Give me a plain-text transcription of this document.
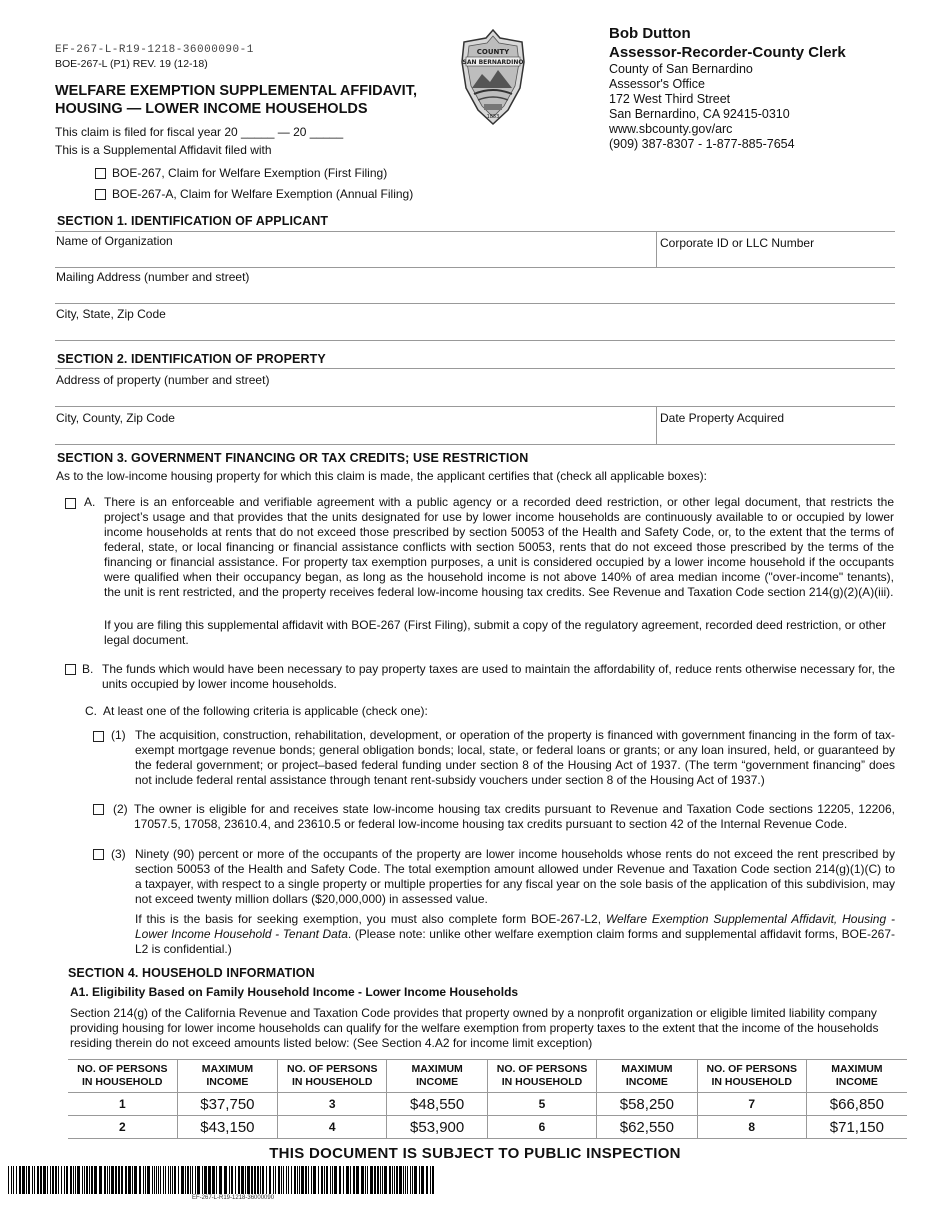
EF-267-L-R19-1218-36000090-1
BOE-267-L (P1) REV. 19 (12-18)
WELFARE EXEMPTION SUPPLEMENTAL AFFIDAVIT,
HOUSING — LOWER INCOME HOUSEHOLDS
This claim is filed for fiscal year 20 _____ — 20 _____
This is a Supplemental Affidavit filed with
BOE-267, Claim for Welfare Exemption (First Filing)
BOE-267-A, Claim for Welfare Exemption (Annual Filing)
COUNTY
SAN BERNARDINO
1853
Bob Dutton
Assessor-Recorder-County Clerk
County of San Bernardino
Assessor's Office
172 West Third Street
San Bernardino, CA 92415-0310
www.sbcounty.gov/arc
(909) 387-8307 - 1-877-885-7654
SECTION 1. IDENTIFICATION OF APPLICANT
Name of Organization	Corporate ID or LLC Number
Mailing Address (number and street)
City, State, Zip Code
SECTION 2. IDENTIFICATION OF PROPERTY
Address of property (number and street)
City, County, Zip Code	Date Property Acquired
SECTION 3. GOVERNMENT FINANCING OR TAX CREDITS; USE RESTRICTION
As to the low-income housing property for which this claim is made, the applicant certifies that (check all applicable boxes):
A. There is an enforceable and verifiable agreement with a public agency or a recorded deed restriction, or other legal document, that restricts the project’s usage and that provides that the units designated for use by lower income households are continuously available to or occupied by lower income households at rents that do not exceed those prescribed by section 50053 of the Health and Safety Code, or, to the extent that the terms of federal, state, or local financing or financial assistance conflicts with section 50053, rents that do not exceed those prescribed by the terms of the financing or financial assistance. For property tax exemption purposes, a unit is considered occupied by a lower income household if the occupants were qualified when their occupancy began, as long as the household income is not above 140% of area median income ("over-income" tenants), the unit is rent restricted, and the property receives federal low-income housing tax credits. See Revenue and Taxation Code section 214(g)(2)(A)(iii).
If you are filing this supplemental affidavit with BOE-267 (First Filing), submit a copy of the regulatory agreement, recorded deed restriction, or other legal document.
B. The funds which would have been necessary to pay property taxes are used to maintain the affordability of, reduce rents otherwise necessary for, the units occupied by lower income households.
C. At least one of the following criteria is applicable (check one):
(1) The acquisition, construction, rehabilitation, development, or operation of the property is financed with government financing in the form of tax-exempt mortgage revenue bonds; general obligation bonds; local, state, or federal loans or grants; or any loan insured, held, or guaranteed by the federal government; or project–based federal funding under section 8 of the Housing Act of 1937. (The term “government financing” does not include federal rental assistance through tenant rent-subsidy vouchers under section 8 of the Housing Act of 1937.)
(2) The owner is eligible for and receives state low-income housing tax credits pursuant to Revenue and Taxation Code sections 12205, 12206, 17057.5, 17058, 23610.4, and 23610.5 or federal low-income housing tax credits pursuant to section 42 of the Internal Revenue Code.
(3) Ninety (90) percent or more of the occupants of the property are lower income households whose rents do not exceed the rent prescribed by section 50053 of the Health and Safety Code. The total exemption amount allowed under Revenue and Taxation Code section 214(g)(1)(C) to a taxpayer, with respect to a single property or multiple properties for any fiscal year on the sole basis of the application of this subdivision, may not exceed twenty million dollars ($20,000,000) in assessed value.
If this is the basis for seeking exemption, you must also complete form BOE-267-L2, Welfare Exemption Supplemental Affidavit, Housing - Lower Income Household - Tenant Data. (Please note: unlike other welfare exemption claim forms and supplemental affidavit forms, BOE-267-L2 is confidential.)
SECTION 4. HOUSEHOLD INFORMATION
A1. Eligibility Based on Family Household Income - Lower Income Households
Section 214(g) of the California Revenue and Taxation Code provides that property owned by a nonprofit organization or eligible limited liability company providing housing for lower income households can qualify for the welfare exemption from property taxes to the extent that the income of the households residing therein do not exceed amounts listed below: (See Section 4.A2 for income limit exception)
NO. OF PERSONS
IN HOUSEHOLD	MAXIMUM
INCOME	NO. OF PERSONS
IN HOUSEHOLD	MAXIMUM
INCOME	NO. OF PERSONS
IN HOUSEHOLD	MAXIMUM
INCOME	NO. OF PERSONS
IN HOUSEHOLD	MAXIMUM
INCOME
1	$37,750	3	$48,550	5	$58,250	7	$66,850
2	$43,150	4	$53,900	6	$62,550	8	$71,150
THIS DOCUMENT IS SUBJECT TO PUBLIC INSPECTION
EF-267-L-R19-1218-36000090
